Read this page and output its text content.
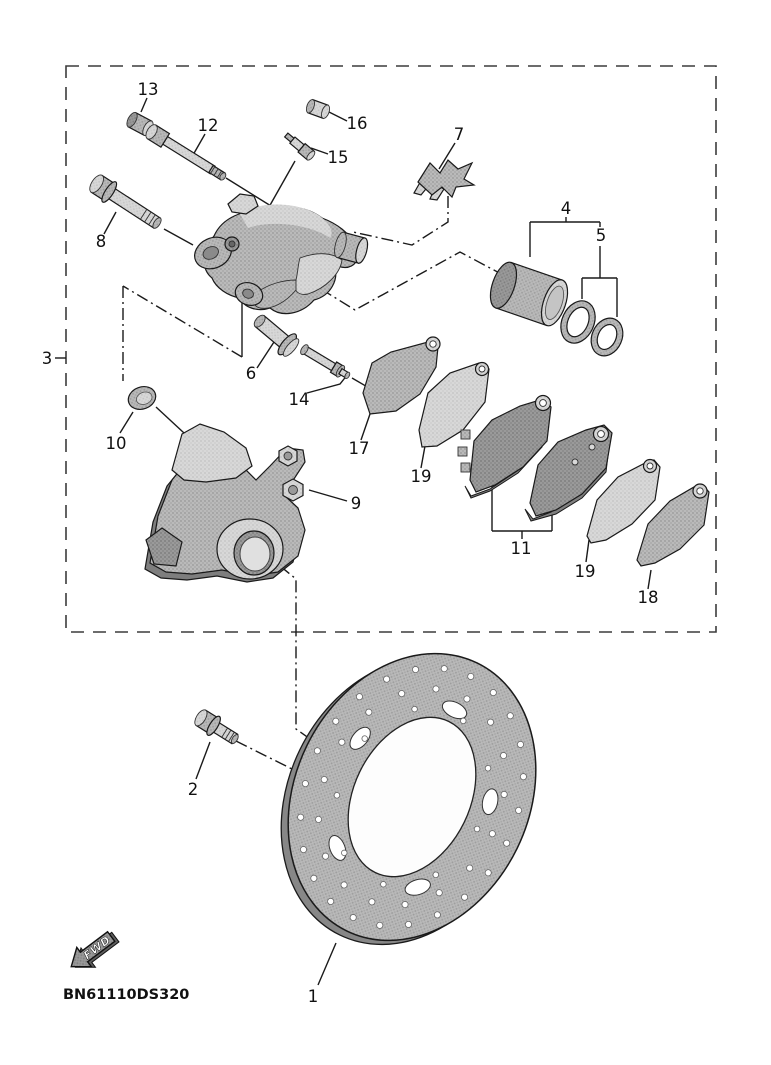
FWD
1
2
3
4
5
6
7
8
9
10
11
12
13
14
15
16
17
18
19
19
BN61110DS320
